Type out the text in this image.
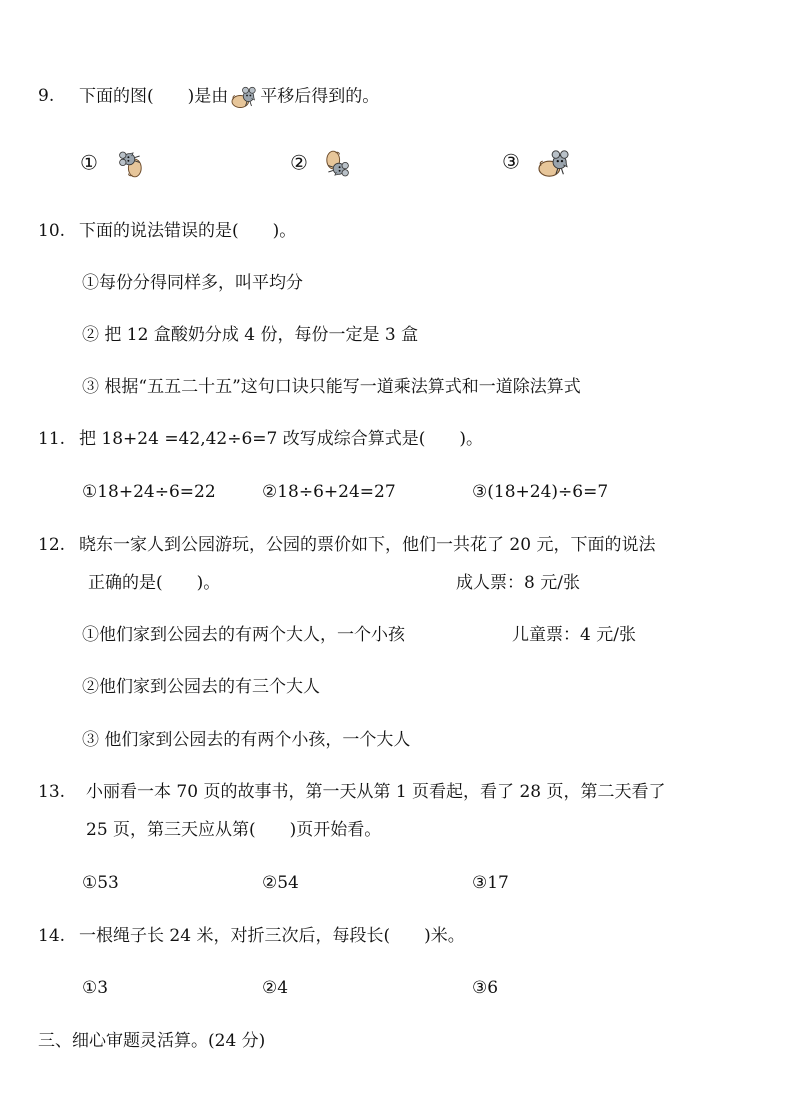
9. 下面的图(　　)是由 平移后得到的。
①	②	③
10. 下面的说法错误的是(　　)。
①每份分得同样多，叫平均分
② 把 12 盒酸奶分成 4 份，每份一定是 3 盒
③ 根据“五五二十五”这句口诀只能写一道乘法算式和一道除法算式
11. 把 18+24 =42,42÷6=7 改写成综合算式是(　　)。
①18+24÷6=22	②18÷6+24=27	③(18+24)÷6=7
12. 晓东一家人到公园游玩，公园的票价如下，他们一共花了 20 元，下面的说法
正确的是(　　)。	成人票：8 元/张
①他们家到公园去的有两个大人，一个小孩	儿童票：4 元/张
②他们家到公园去的有三个大人
③ 他们家到公园去的有两个小孩，一个大人
13. 小丽看一本 70 页的故事书，第一天从第 1 页看起，看了 28 页，第二天看了
25 页，第三天应从第(　　)页开始看。
①53	②54	③17
14. 一根绳子长 24 米，对折三次后，每段长(　　)米。
①3	②4	③6
三、细心审题灵活算。(24 分)
